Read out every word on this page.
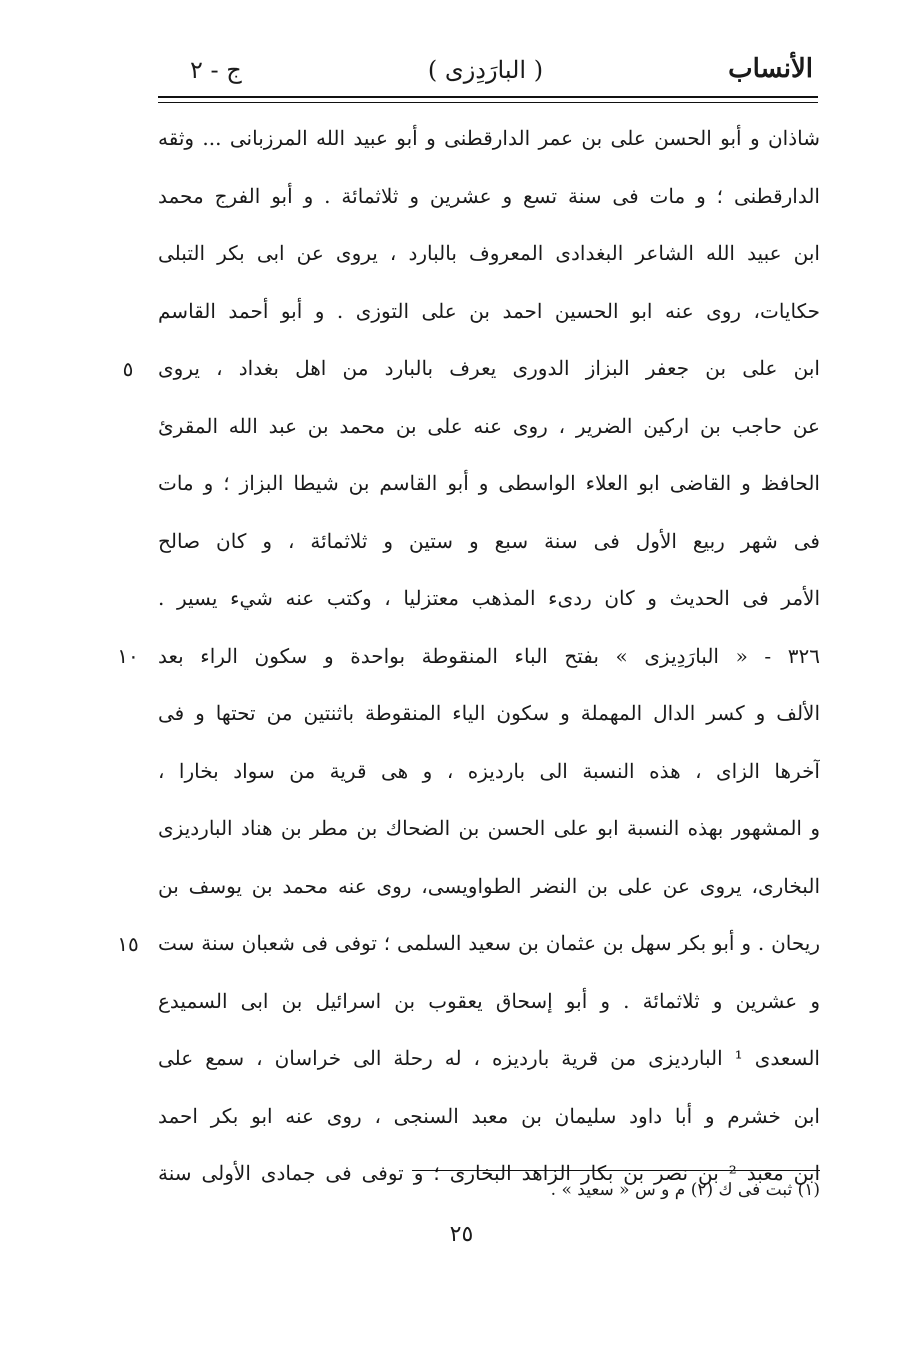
الأنساب
( البارَدِزى )
ج - ٢
شاذان و أبو الحسن على بن عمر الدارقطنى و أبو عبيد الله المرزبانى ... وثقه
الدارقطنى ؛ و مات فى سنة تسع و عشرين و ثلاثمائة . و أبو الفرج محمد
ابن عبيد الله الشاعر البغدادى المعروف بالبارد ، يروى عن ابى بكر التبلى
حكايات، روى عنه ابو الحسين احمد بن على التوزى . و أبو أحمد القاسم
ابن على بن جعفر البزاز الدورى يعرف بالبارد من اهل بغداد ، يروى
عن حاجب بن اركين الضرير ، روى عنه على بن محمد بن عبد الله المقرئ
الحافظ و القاضى ابو العلاء الواسطى و أبو القاسم بن شيطا البزاز ؛ و مات
فى شهر ربيع الأول فى سنة سبع و ستين و ثلاثمائة ، و كان صالح
الأمر فى الحديث و كان ردىء المذهب معتزليا ، وكتب عنه شيء يسير .
٣٢٦ - « البارَدِيزى » بفتح الباء المنقوطة بواحدة و سكون الراء بعد
الألف و كسر الدال المهملة و سكون الياء المنقوطة باثنتين من تحتها و فى
آخرها الزاى ، هذه النسبة الى بارديزه ، و هى قرية من سواد بخارا ،
و المشهور بهذه النسبة ابو على الحسن بن الضحاك بن مطر بن هناد البارديزى
البخارى، يروى عن على بن النضر الطواويسى، روى عنه محمد بن يوسف بن
ريحان . و أبو بكر سهل بن عثمان بن سعيد السلمى ؛ توفى فى شعبان سنة ست
و عشرين و ثلاثمائة . و أبو إسحاق يعقوب بن اسرائيل بن ابى السميدع
السعدى ¹ البارديزى من قرية بارديزه ، له رحلة الى خراسان ، سمع على
ابن خشرم و أبا داود سليمان بن معبد السنجى ، روى عنه ابو بكر احمد
ابن معبد ² بن نصر بن بكار الزاهد البخارى ؛ و توفى فى جمادى الأولى سنة
٥
١٠
١٥
(١) ثبت فى ك (٢) م و س « سعيد » .
٢٥
